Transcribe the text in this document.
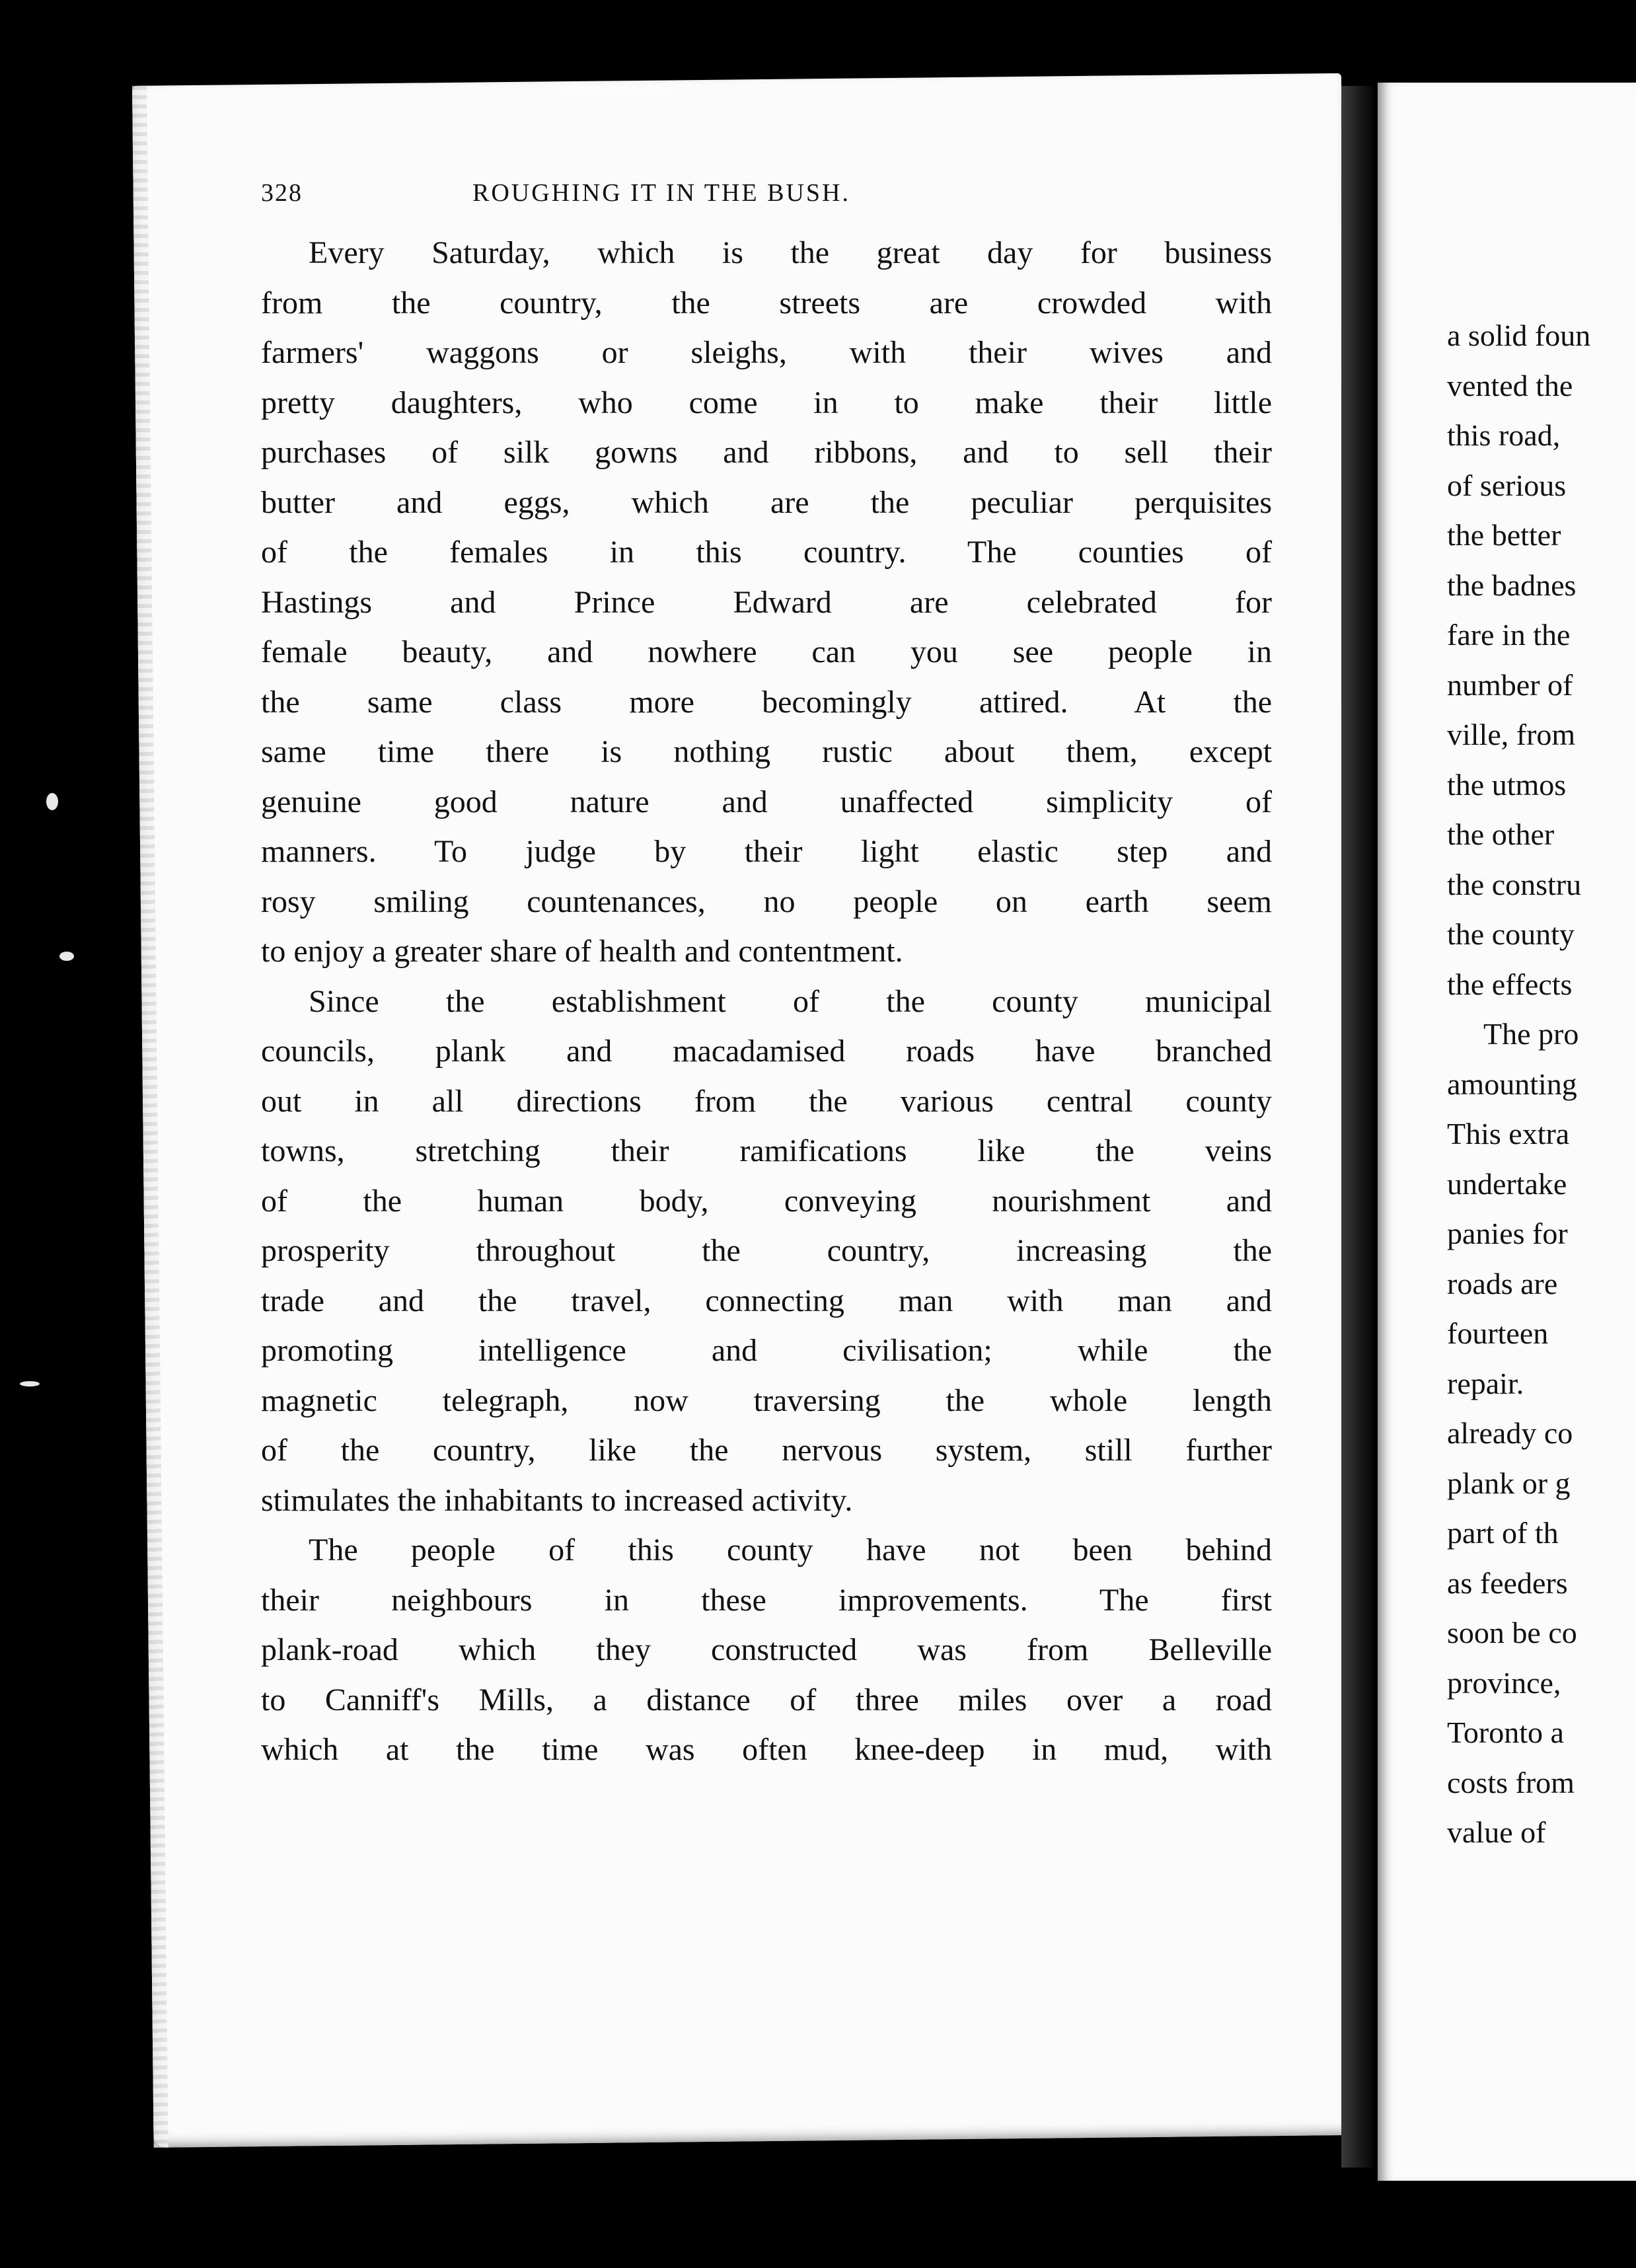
328	ROUGHING IT IN THE BUSH.
Every Saturday, which is the great day for business
from the country, the streets are crowded with
farmers' waggons or sleighs, with their wives and
pretty daughters, who come in to make their little
purchases of silk gowns and ribbons, and to sell their
butter and eggs, which are the peculiar perquisites
of the females in this country. The counties of
Hastings and Prince Edward are celebrated for
female beauty, and nowhere can you see people in
the same class more becomingly attired. At the
same time there is nothing rustic about them, except
genuine good nature and unaffected simplicity of
manners. To judge by their light elastic step and
rosy smiling countenances, no people on earth seem
to enjoy a greater share of health and contentment.
Since the establishment of the county municipal
councils, plank and macadamised roads have branched
out in all directions from the various central county
towns, stretching their ramifications like the veins
of the human body, conveying nourishment and
prosperity throughout the country, increasing the
trade and the travel, connecting man with man and
promoting intelligence and civilisation; while the
magnetic telegraph, now traversing the whole length
of the country, like the nervous system, still further
stimulates the inhabitants to increased activity.
The people of this county have not been behind
their neighbours in these improvements. The first
plank-road which they constructed was from Belleville
to Canniff's Mills, a distance of three miles over a road
which at the time was often knee-deep in mud, with
a solid foun
vented the
this road,
of serious
the better
the badnes
fare in the
number of
ville, from
the utmos
the other
the constru
the county
the effects
The pro
amounting
This extra
undertake
panies for
roads are
fourteen
repair.
already co
plank or g
part of th
as feeders
soon be co
province,
Toronto a
costs from
value of
